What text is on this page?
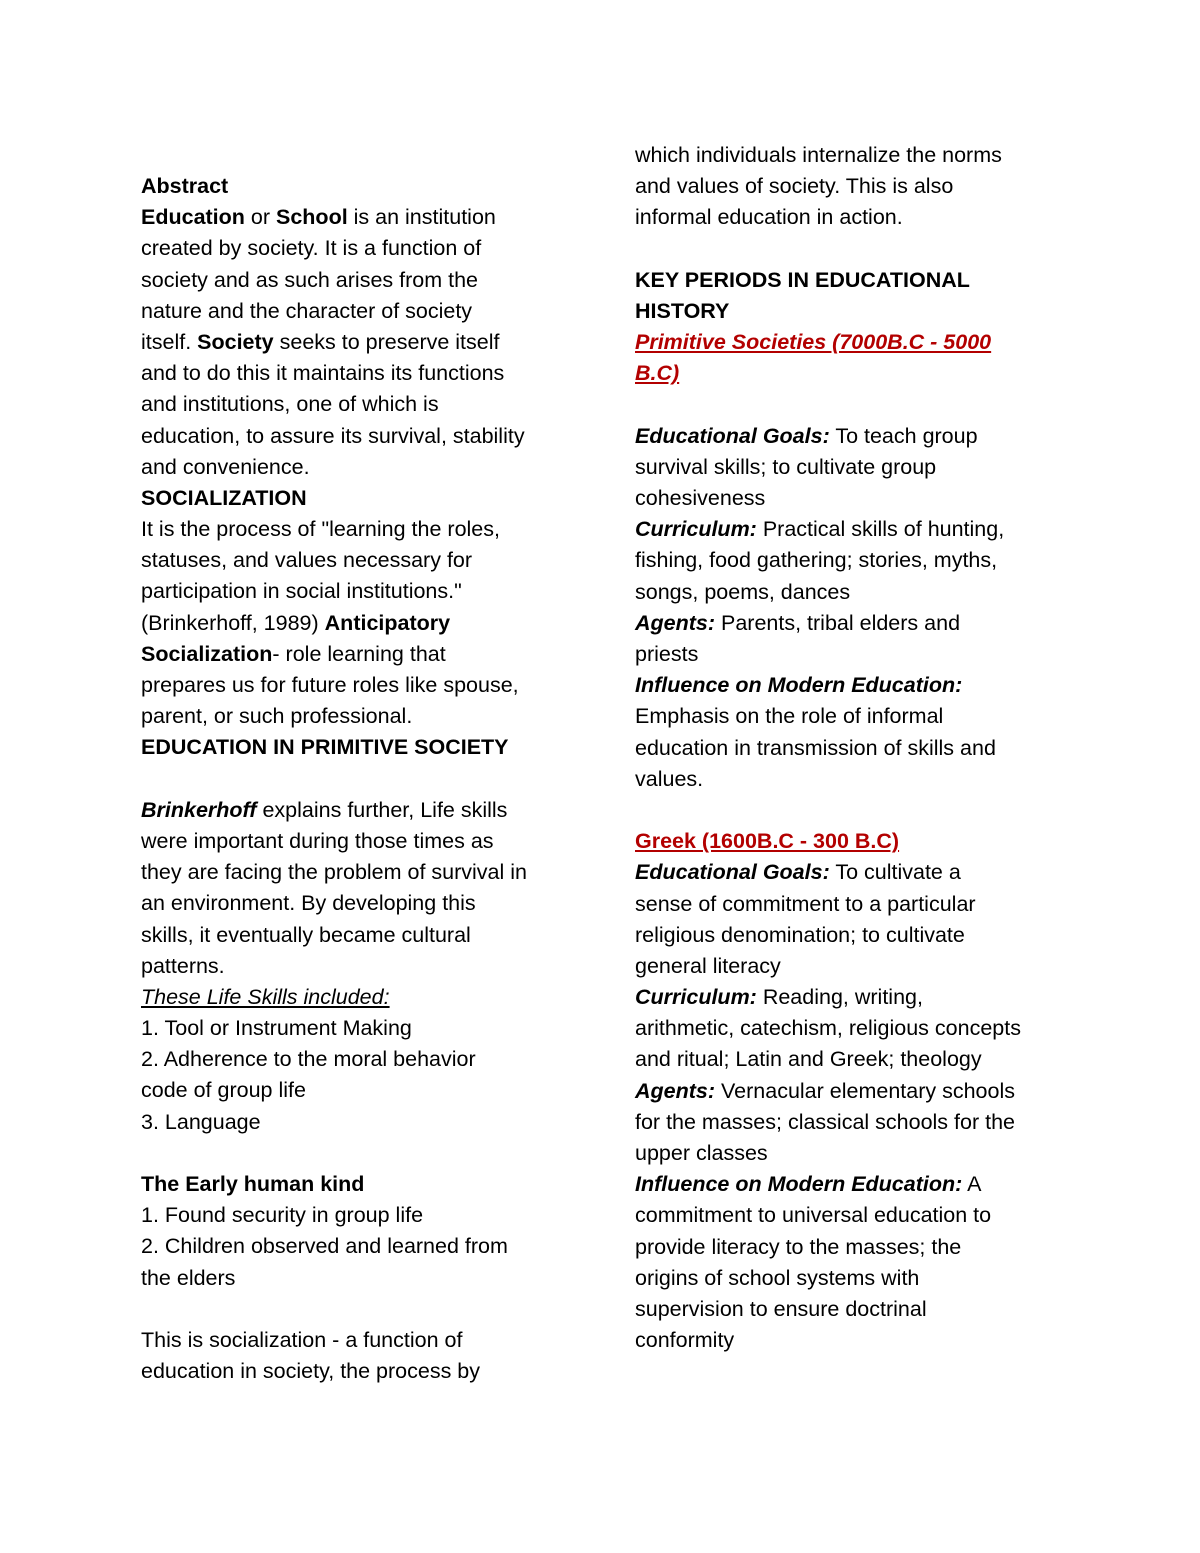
Abstract
Education or School is an institution
created by society. It is a function of
society and as such arises from the
nature and the character of society
itself. Society seeks to preserve itself
and to do this it maintains its functions
and institutions, one of which is
education, to assure its survival, stability
and convenience.
SOCIALIZATION
It is the process of "learning the roles,
statuses, and values necessary for
participation in social institutions."
(Brinkerhoff, 1989) Anticipatory
Socialization- role learning that
prepares us for future roles like spouse,
parent, or such professional.
EDUCATION IN PRIMITIVE SOCIETY
Brinkerhoff explains further, Life skills
were important during those times as
they are facing the problem of survival in
an environment. By developing this
skills, it eventually became cultural
patterns.
These Life Skills included:
1. Tool or Instrument Making
2. Adherence to the moral behavior
code of group life
3. Language
The Early human kind
1. Found security in group life
2. Children observed and learned from
the elders
This is socialization - a function of
education in society, the process by
which individuals internalize the norms
and values of society. This is also
informal education in action.
KEY PERIODS IN EDUCATIONAL
HISTORY
Primitive Societies (7000B.C - 5000
B.C)
Educational Goals: To teach group
survival skills; to cultivate group
cohesiveness
Curriculum: Practical skills of hunting,
fishing, food gathering; stories, myths,
songs, poems, dances
Agents: Parents, tribal elders and
priests
Influence on Modern Education:
Emphasis on the role of informal
education in transmission of skills and
values.
Greek (1600B.C - 300 B.C)
Educational Goals: To cultivate a
sense of commitment to a particular
religious denomination; to cultivate
general literacy
Curriculum: Reading, writing,
arithmetic, catechism, religious concepts
and ritual; Latin and Greek; theology
Agents: Vernacular elementary schools
for the masses; classical schools for the
upper classes
Influence on Modern Education: A
commitment to universal education to
provide literacy to the masses; the
origins of school systems with
supervision to ensure doctrinal
conformity
